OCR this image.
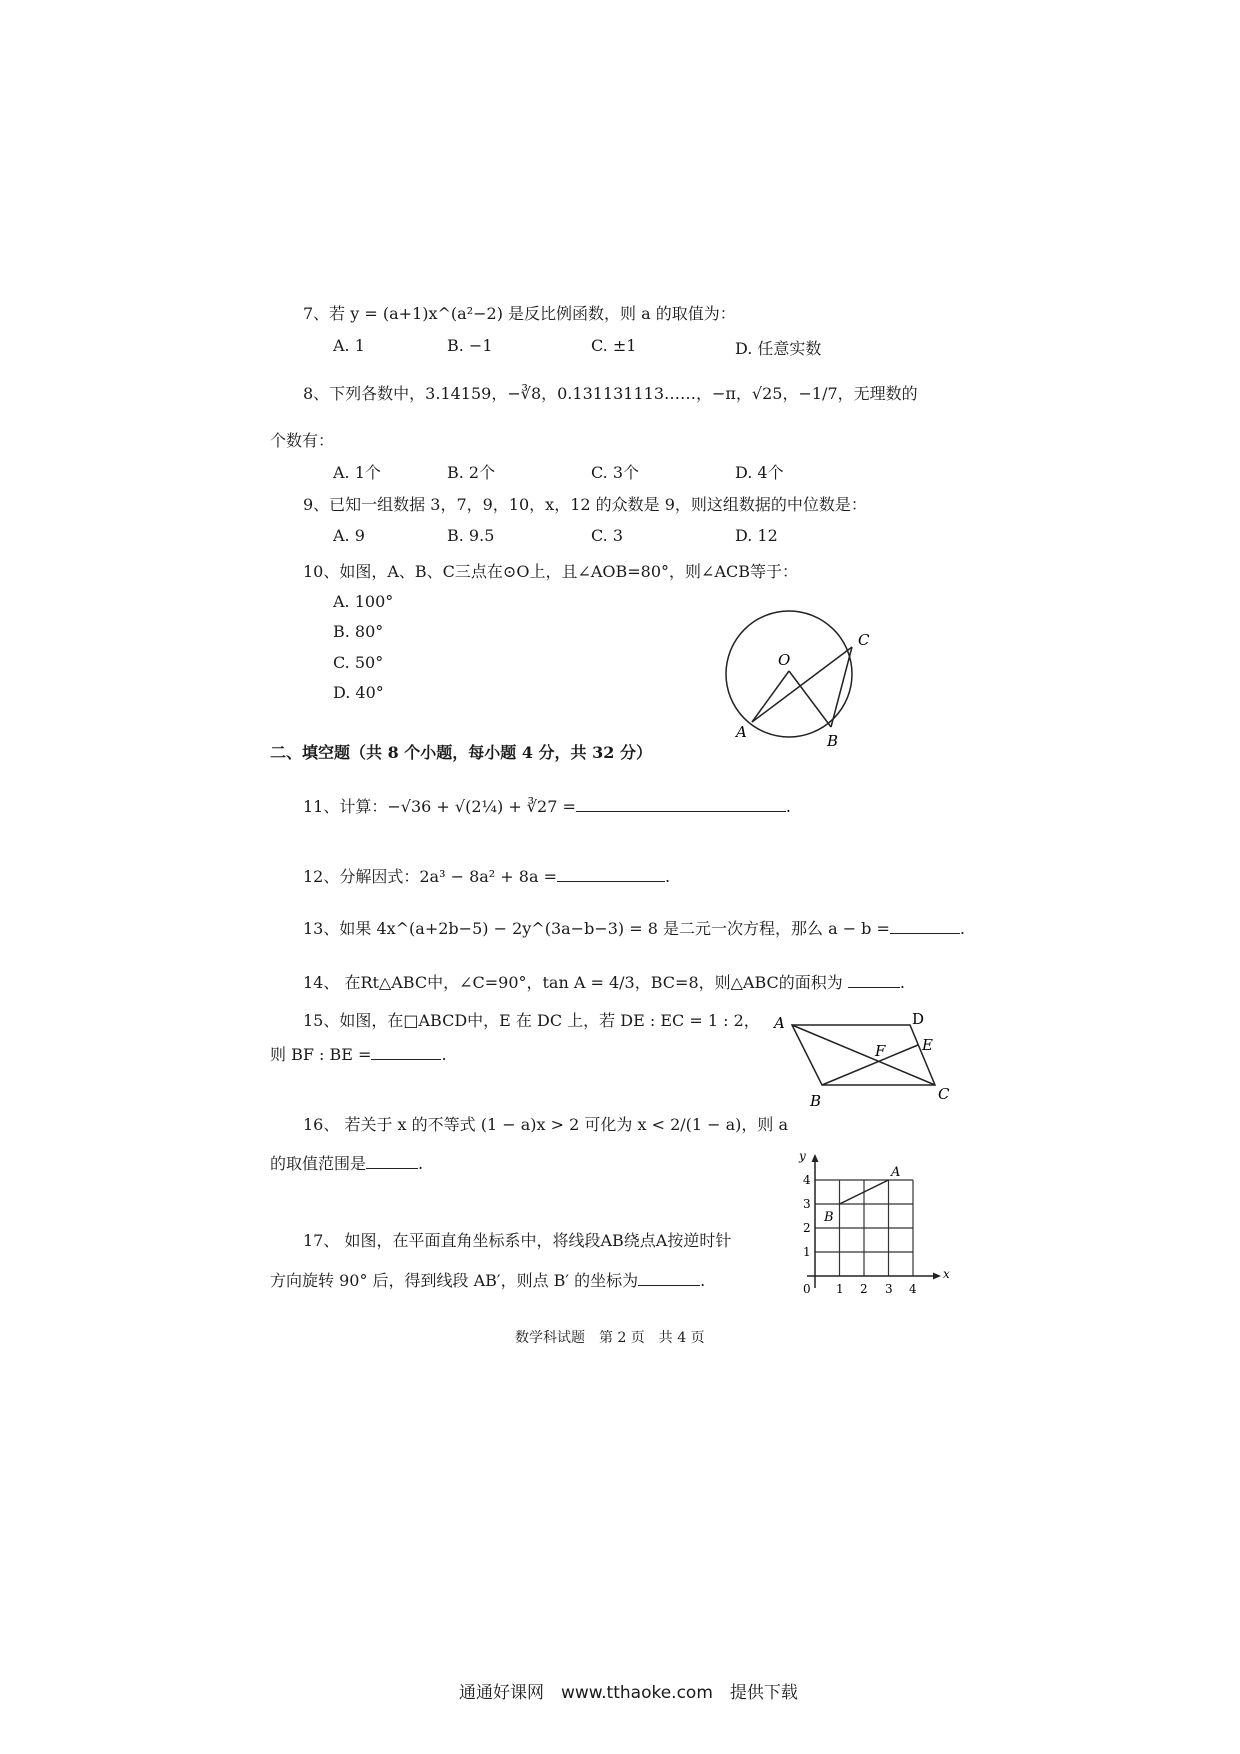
7、若 y = (a+1)x^(a²−2) 是反比例函数，则 a 的取值为：
A. 1	B. −1	C. ±1	D. 任意实数
8、下列各数中，3.14159，−∛8，0.131131113……，−π，√25，−1/7，无理数的
个数有：
A. 1个	B. 2个	C. 3个	D. 4个
9、已知一组数据 3，7，9，10，x，12 的众数是 9，则这组数据的中位数是：
A. 9	B. 9.5	C. 3	D. 12
10、如图，A、B、C三点在⊙O上，且∠AOB=80°，则∠ACB等于：
A. 100°
B. 80°
C. 50°
D. 40°
O
A	B
C
二、填空题（共 8 个小题，每小题 4 分，共 32 分）
11、计算：−√36 + √(2¼) + ∛27 =	.
12、分解因式：2a³ − 8a² + 8a =	.
13、如果 4x^(a+2b−5) − 2y^(3a−b−3) = 8 是二元一次方程，那么 a − b =	.
14、 在Rt△ABC中，∠C=90°，tan A = 4/3，BC=8，则△ABC的面积为	.
15、如图，在□ABCD中，E 在 DC 上，若 DE : EC = 1 : 2，
则 BF : BE =	.
A	D
E
F
C
B
16、 若关于 x 的不等式 (1 − a)x > 2 可化为 x < 2/(1 − a)，则 a
的取值范围是	.
17、 如图，在平面直角坐标系中，将线段AB绕点A按逆时针
方向旋转 90° 后，得到线段 AB′，则点 B′ 的坐标为	.
A
B
y
x
0 1 2 3 4
1
2
3
4
数学科试题　第 2 页　共 4 页
通通好课网　www.tthaoke.com　提供下载
